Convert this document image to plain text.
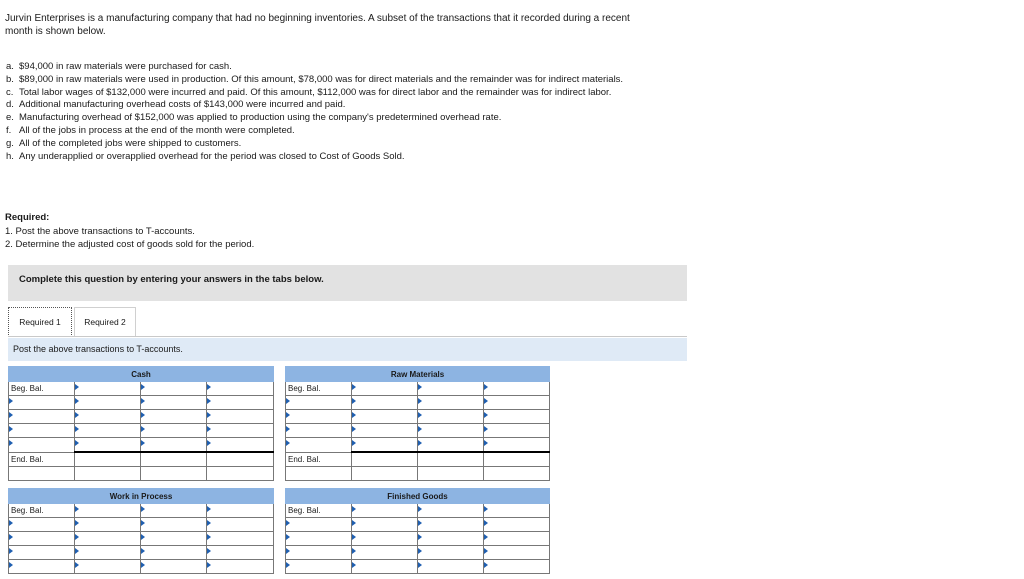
Jurvin Enterprises is a manufacturing company that had no beginning inventories. A subset of the transactions that it recorded during a recent month is shown below.
a. $94,000 in raw materials were purchased for cash.
b. $89,000 in raw materials were used in production. Of this amount, $78,000 was for direct materials and the remainder was for indirect materials.
c. Total labor wages of $132,000 were incurred and paid. Of this amount, $112,000 was for direct labor and the remainder was for indirect labor.
d. Additional manufacturing overhead costs of $143,000 were incurred and paid.
e. Manufacturing overhead of $152,000 was applied to production using the company's predetermined overhead rate.
f. All of the jobs in process at the end of the month were completed.
g. All of the completed jobs were shipped to customers.
h. Any underapplied or overapplied overhead for the period was closed to Cost of Goods Sold.
Required:
1. Post the above transactions to T-accounts.
2. Determine the adjusted cost of goods sold for the period.
Complete this question by entering your answers in the tabs below.
Required 1	Required 2
Post the above transactions to T-accounts.
Cash			
Beg. Bal.			

End. Bal.			

Raw Materials			
Beg. Bal.			

End. Bal.			

Work in Process			
Beg. Bal.			

Finished Goods			
Beg. Bal.			
